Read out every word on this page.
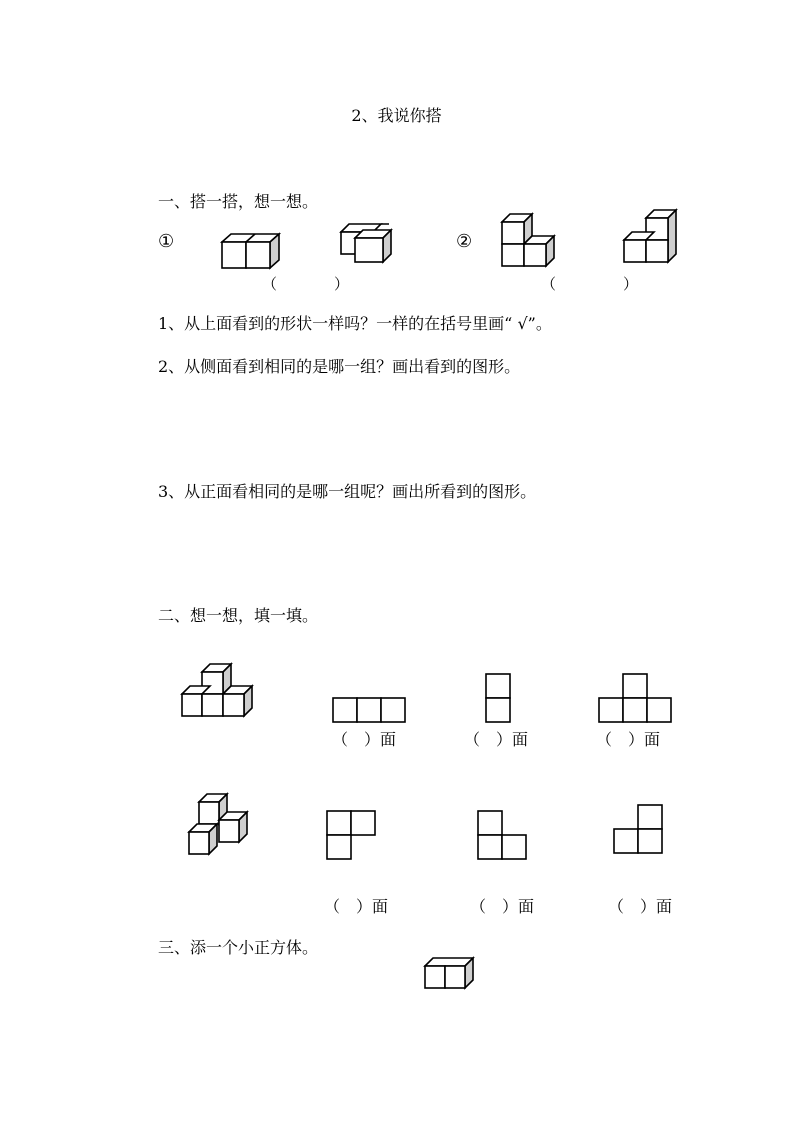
2、我说你搭
一、搭一搭，想一想。
①	②
（	）	（	）
1、从上面看到的形状一样吗？一样的在括号里画“ √”。
2、从侧面看到相同的是哪一组？画出看到的图形。
3、从正面看相同的是哪一组呢？画出所看到的图形。
二、想一想，填一填。
（　）面	（　）面	（　）面
（　）面	（　）面	（　）面
三、添一个小正方体。
